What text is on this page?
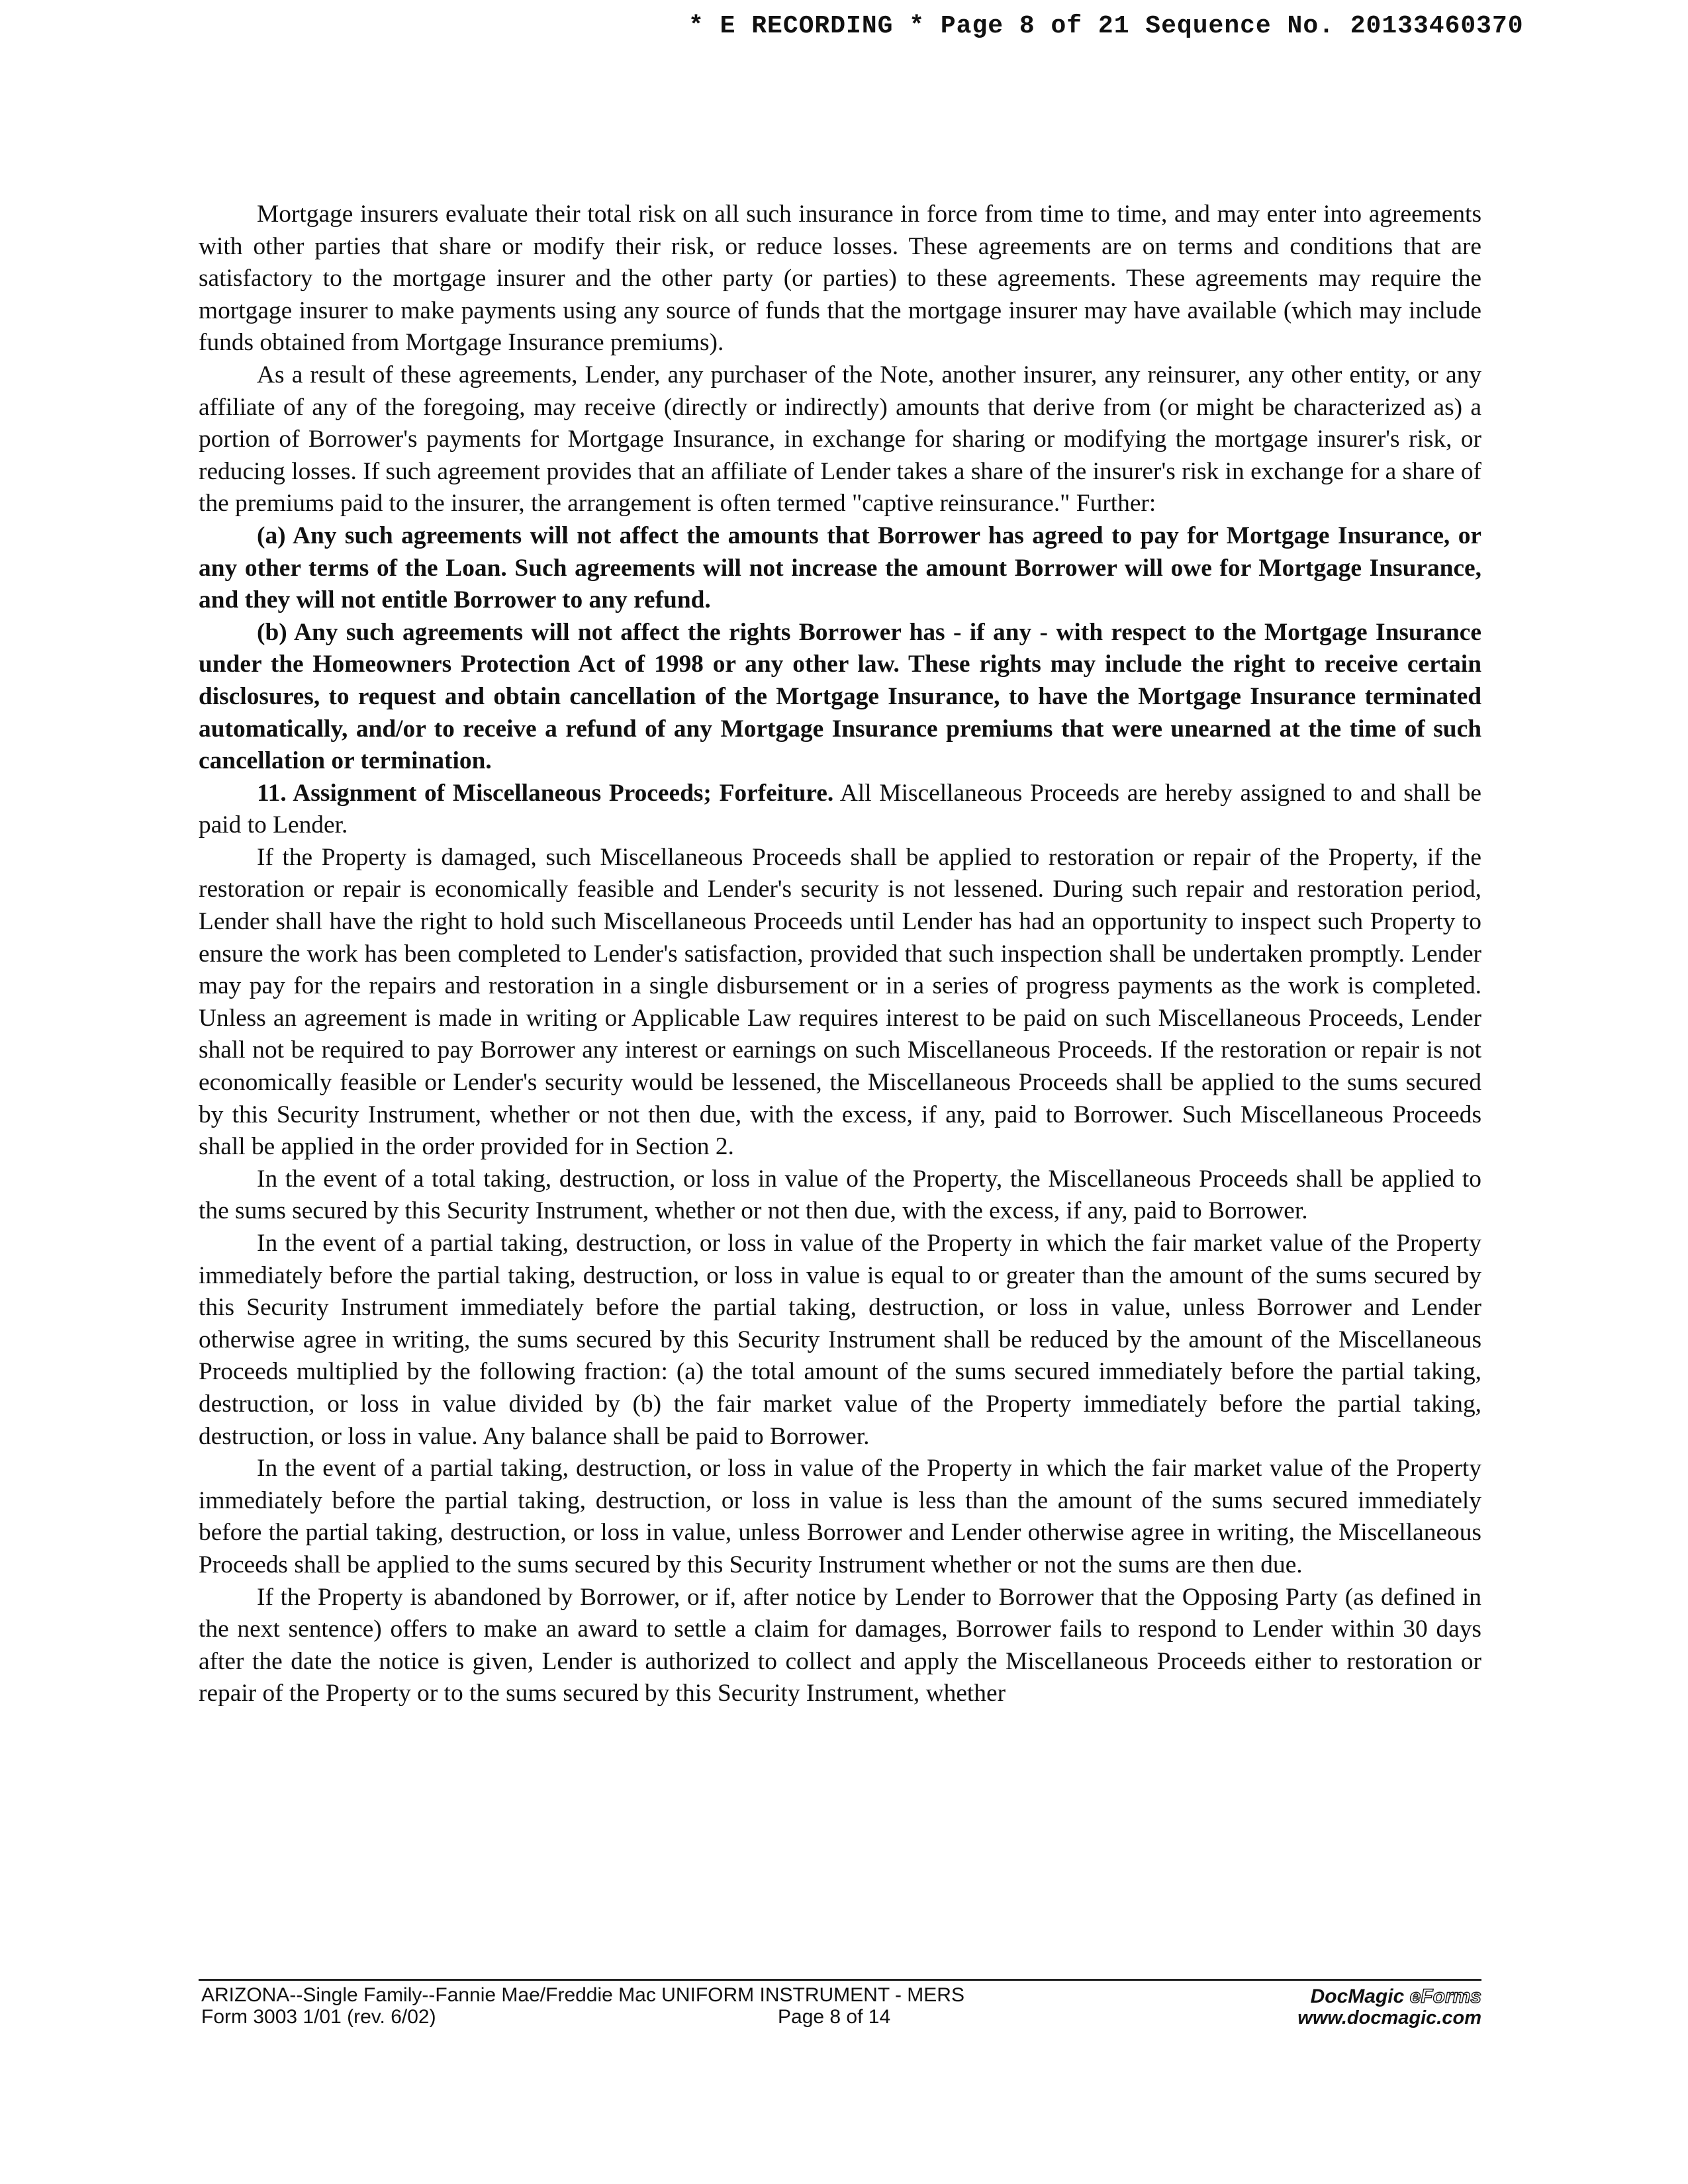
* E RECORDING * Page 8 of 21 Sequence No. 20133460370

Mortgage insurers evaluate their total risk on all such insurance in force from time to time, and may enter into agreements with other parties that share or modify their risk, or reduce losses. These agreements are on terms and conditions that are satisfactory to the mortgage insurer and the other party (or parties) to these agreements. These agreements may require the mortgage insurer to make payments using any source of funds that the mortgage insurer may have available (which may include funds obtained from Mortgage Insurance premiums).

As a result of these agreements, Lender, any purchaser of the Note, another insurer, any reinsurer, any other entity, or any affiliate of any of the foregoing, may receive (directly or indirectly) amounts that derive from (or might be characterized as) a portion of Borrower's payments for Mortgage Insurance, in exchange for sharing or modifying the mortgage insurer's risk, or reducing losses. If such agreement provides that an affiliate of Lender takes a share of the insurer's risk in exchange for a share of the premiums paid to the insurer, the arrangement is often termed "captive reinsurance." Further:

(a) Any such agreements will not affect the amounts that Borrower has agreed to pay for Mortgage Insurance, or any other terms of the Loan. Such agreements will not increase the amount Borrower will owe for Mortgage Insurance, and they will not entitle Borrower to any refund.

(b) Any such agreements will not affect the rights Borrower has - if any - with respect to the Mortgage Insurance under the Homeowners Protection Act of 1998 or any other law. These rights may include the right to receive certain disclosures, to request and obtain cancellation of the Mortgage Insurance, to have the Mortgage Insurance terminated automatically, and/or to receive a refund of any Mortgage Insurance premiums that were unearned at the time of such cancellation or termination.

11. Assignment of Miscellaneous Proceeds; Forfeiture. All Miscellaneous Proceeds are hereby assigned to and shall be paid to Lender.

If the Property is damaged, such Miscellaneous Proceeds shall be applied to restoration or repair of the Property, if the restoration or repair is economically feasible and Lender's security is not lessened. During such repair and restoration period, Lender shall have the right to hold such Miscellaneous Proceeds until Lender has had an opportunity to inspect such Property to ensure the work has been completed to Lender's satisfaction, provided that such inspection shall be undertaken promptly. Lender may pay for the repairs and restoration in a single disbursement or in a series of progress payments as the work is completed. Unless an agreement is made in writing or Applicable Law requires interest to be paid on such Miscellaneous Proceeds, Lender shall not be required to pay Borrower any interest or earnings on such Miscellaneous Proceeds. If the restoration or repair is not economically feasible or Lender's security would be lessened, the Miscellaneous Proceeds shall be applied to the sums secured by this Security Instrument, whether or not then due, with the excess, if any, paid to Borrower. Such Miscellaneous Proceeds shall be applied in the order provided for in Section 2.

In the event of a total taking, destruction, or loss in value of the Property, the Miscellaneous Proceeds shall be applied to the sums secured by this Security Instrument, whether or not then due, with the excess, if any, paid to Borrower.

In the event of a partial taking, destruction, or loss in value of the Property in which the fair market value of the Property immediately before the partial taking, destruction, or loss in value is equal to or greater than the amount of the sums secured by this Security Instrument immediately before the partial taking, destruction, or loss in value, unless Borrower and Lender otherwise agree in writing, the sums secured by this Security Instrument shall be reduced by the amount of the Miscellaneous Proceeds multiplied by the following fraction: (a) the total amount of the sums secured immediately before the partial taking, destruction, or loss in value divided by (b) the fair market value of the Property immediately before the partial taking, destruction, or loss in value. Any balance shall be paid to Borrower.

In the event of a partial taking, destruction, or loss in value of the Property in which the fair market value of the Property immediately before the partial taking, destruction, or loss in value is less than the amount of the sums secured immediately before the partial taking, destruction, or loss in value, unless Borrower and Lender otherwise agree in writing, the Miscellaneous Proceeds shall be applied to the sums secured by this Security Instrument whether or not the sums are then due.

If the Property is abandoned by Borrower, or if, after notice by Lender to Borrower that the Opposing Party (as defined in the next sentence) offers to make an award to settle a claim for damages, Borrower fails to respond to Lender within 30 days after the date the notice is given, Lender is authorized to collect and apply the Miscellaneous Proceeds either to restoration or repair of the Property or to the sums secured by this Security Instrument, whether

ARIZONA--Single Family--Fannie Mae/Freddie Mac UNIFORM INSTRUMENT - MERS
Form 3003 1/01 (rev. 6/02)	Page 8 of 14
DocMagic eForms
www.docmagic.com
